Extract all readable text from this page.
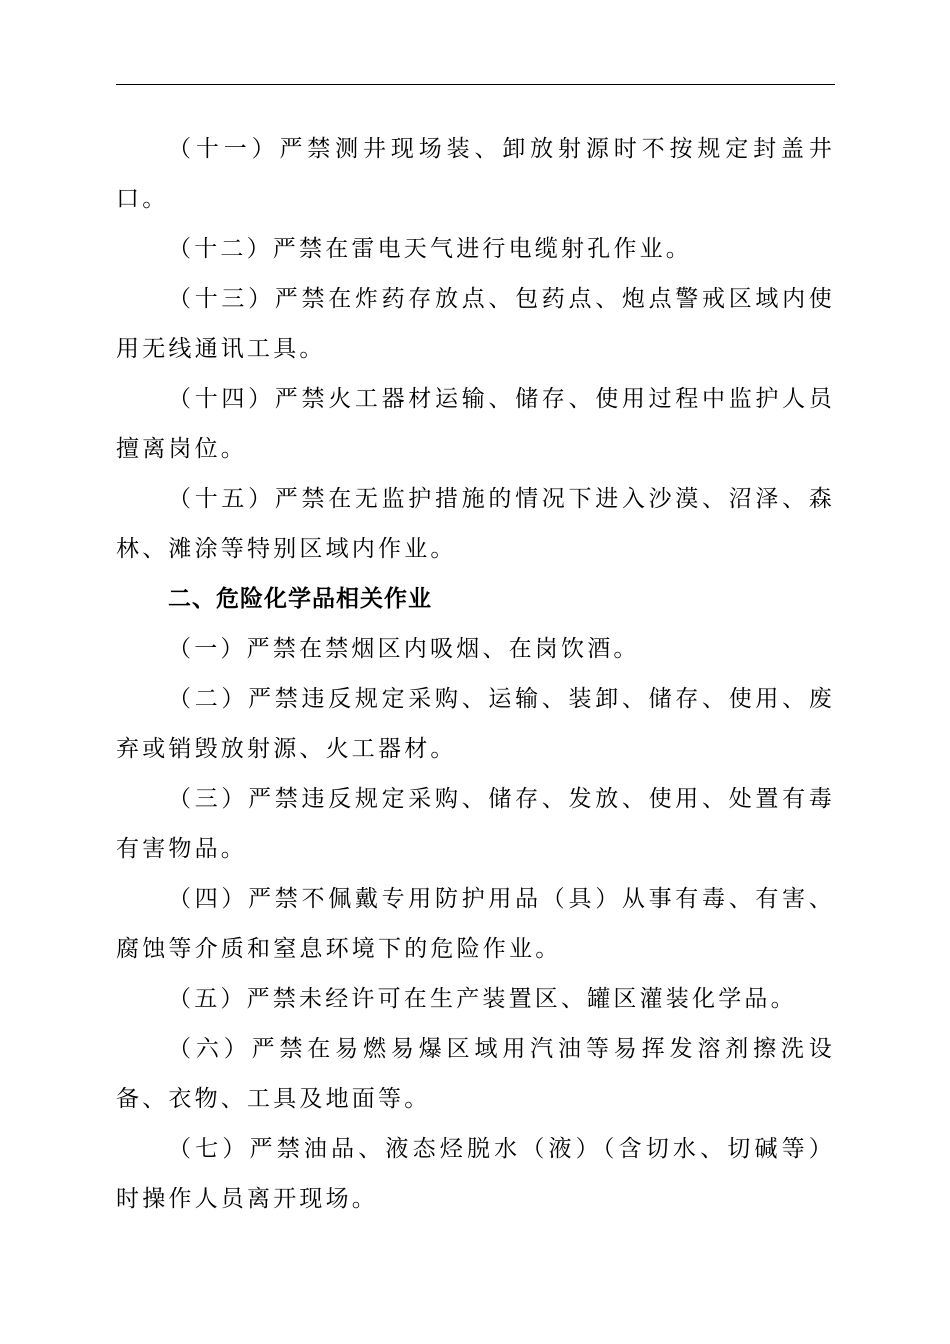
（十一）严禁测井现场装、卸放射源时不按规定封盖井口。

（十二）严禁在雷电天气进行电缆射孔作业。

（十三）严禁在炸药存放点、包药点、炮点警戒区域内使用无线通讯工具。

（十四）严禁火工器材运输、储存、使用过程中监护人员擅离岗位。

（十五）严禁在无监护措施的情况下进入沙漠、沼泽、森林、滩涂等特别区域内作业。

二、危险化学品相关作业

（一）严禁在禁烟区内吸烟、在岗饮酒。

（二）严禁违反规定采购、运输、装卸、储存、使用、废弃或销毁放射源、火工器材。

（三）严禁违反规定采购、储存、发放、使用、处置有毒有害物品。

（四）严禁不佩戴专用防护用品（具）从事有毒、有害、腐蚀等介质和窒息环境下的危险作业。

（五）严禁未经许可在生产装置区、罐区灌装化学品。

（六）严禁在易燃易爆区域用汽油等易挥发溶剂擦洗设备、衣物、工具及地面等。

（七）严禁油品、液态烃脱水（液）（含切水、切碱等）时操作人员离开现场。
